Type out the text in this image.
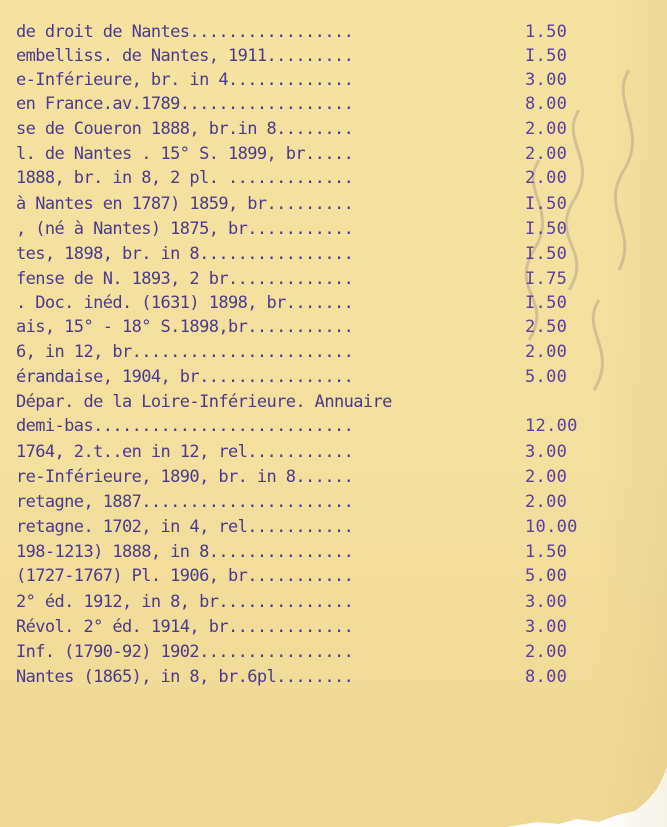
de droit de Nantes.................	1.50
embelliss. de Nantes, 1911.........	I.50
e-Inférieure, br. in 4.............	3.00
en France.av.1789..................	8.00
se de Coueron 1888, br.in 8........	2.00
l. de Nantes . 15° S. 1899, br.....	2.00
1888, br. in 8, 2 pl. .............	2.00
à Nantes en 1787) 1859, br.........	I.50
, (né à Nantes) 1875, br...........	I.50
tes, 1898, br. in 8................	I.50
fense de N. 1893, 2 br.............	I.75
. Doc. inéd. (1631) 1898, br.......	I.50
ais, 15° - 18° S.1898,br...........	2.50
6, in 12, br.......................	2.00
érandaise, 1904, br................	5.00
Dépar. de la Loire-Inférieure. Annuaire
demi-bas...........................	12.00
1764, 2.t..en in 12, rel...........	3.00
re-Inférieure, 1890, br. in 8......	2.00
retagne, 1887......................	2.00
retagne. 1702, in 4, rel...........	10.00
198-1213) 1888, in 8...............	1.50
(1727-1767) Pl. 1906, br...........	5.00
2° éd. 1912, in 8, br..............	3.00
Révol. 2° éd. 1914, br.............	3.00
Inf. (1790-92) 1902................	2.00
Nantes (1865), in 8, br.6pl........	8.00
